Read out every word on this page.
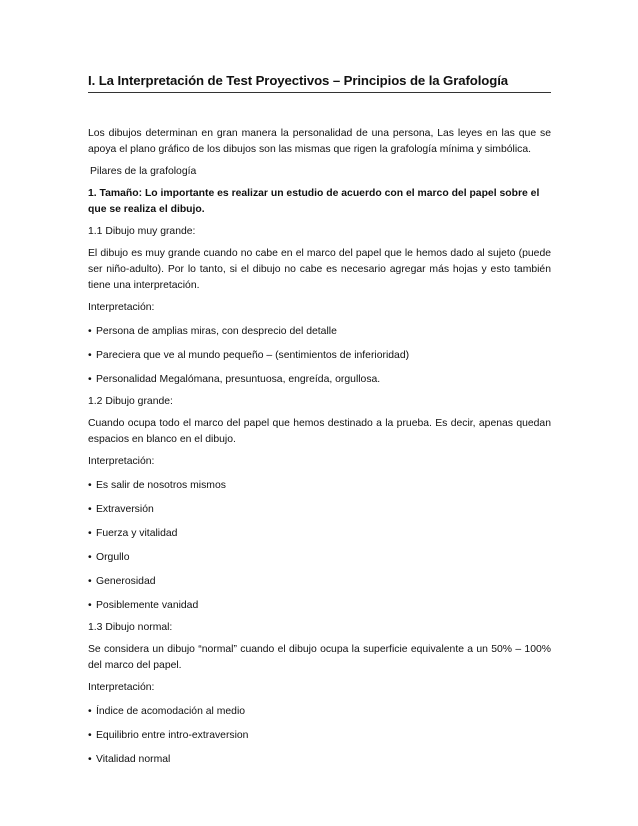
I. La Interpretación de Test Proyectivos – Principios de la Grafología

Los dibujos determinan en gran manera la personalidad de una persona, Las leyes en las que se apoya el plano gráfico de los dibujos son las mismas que rigen la grafología mínima y simbólica.

Pilares de la grafología

1. Tamaño: Lo importante es realizar un estudio de acuerdo con el marco del papel sobre el que se realiza el dibujo.

1.1 Dibujo muy grande:

El dibujo es muy grande cuando no cabe en el marco del papel que le hemos dado al sujeto (puede ser niño-adulto). Por lo tanto, si el dibujo no cabe es necesario agregar más hojas y esto también tiene una interpretación.

Interpretación:

• Persona de amplias miras, con desprecio del detalle

• Pareciera que ve al mundo pequeño – (sentimientos de inferioridad)

• Personalidad Megalómana, presuntuosa, engreída, orgullosa.

1.2 Dibujo grande:

Cuando ocupa todo el marco del papel que hemos destinado a la prueba. Es decir, apenas quedan espacios en blanco en el dibujo.

Interpretación:

• Es salir de nosotros mismos

• Extraversión

• Fuerza y vitalidad

• Orgullo

• Generosidad

• Posiblemente vanidad

1.3 Dibujo normal:

Se considera un dibujo “normal” cuando el dibujo ocupa la superficie equivalente a un 50% – 100% del marco del papel.

Interpretación:

• Índice de acomodación al medio

• Equilibrio entre intro-extraversion

• Vitalidad normal
